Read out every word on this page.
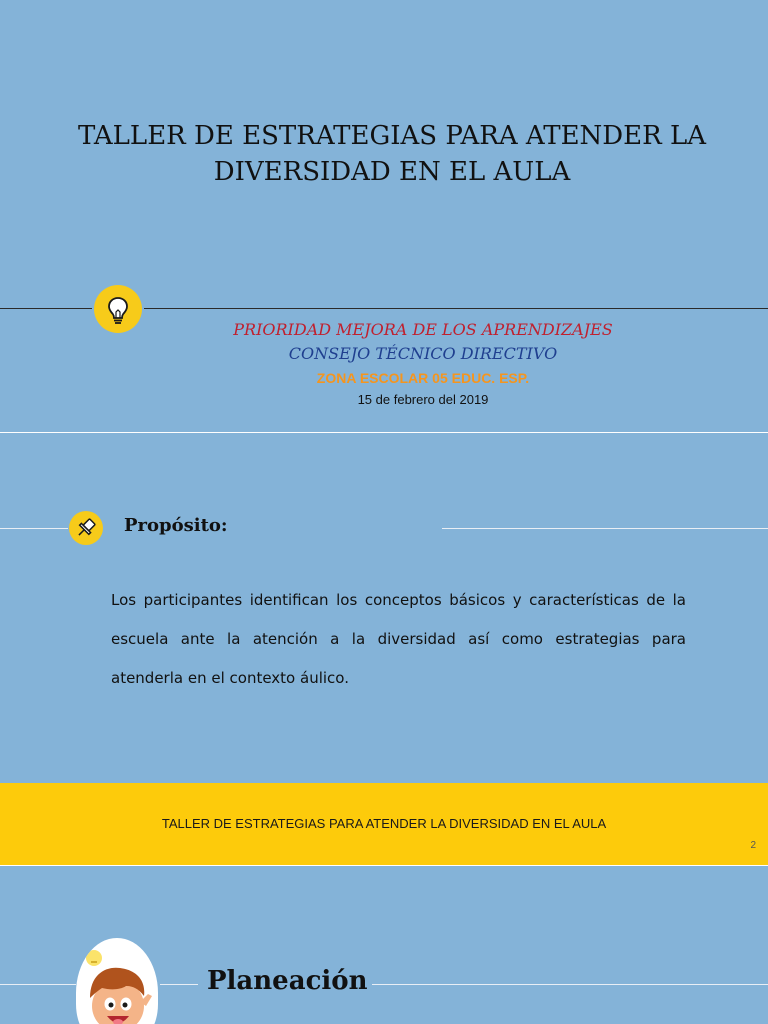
TALLER DE ESTRATEGIAS PARA ATENDER LA DIVERSIDAD EN EL AULA
PRIORIDAD MEJORA DE LOS APRENDIZAJES
CONSEJO TÉCNICO DIRECTIVO
ZONA ESCOLAR 05 EDUC. ESP.
15 de febrero del 2019
Propósito:
Los participantes identifican los conceptos básicos y características de la escuela ante la atención a la diversidad así como estrategias para atenderla en el contexto áulico.
TALLER DE ESTRATEGIAS PARA ATENDER LA DIVERSIDAD EN EL AULA
2
Planeación
